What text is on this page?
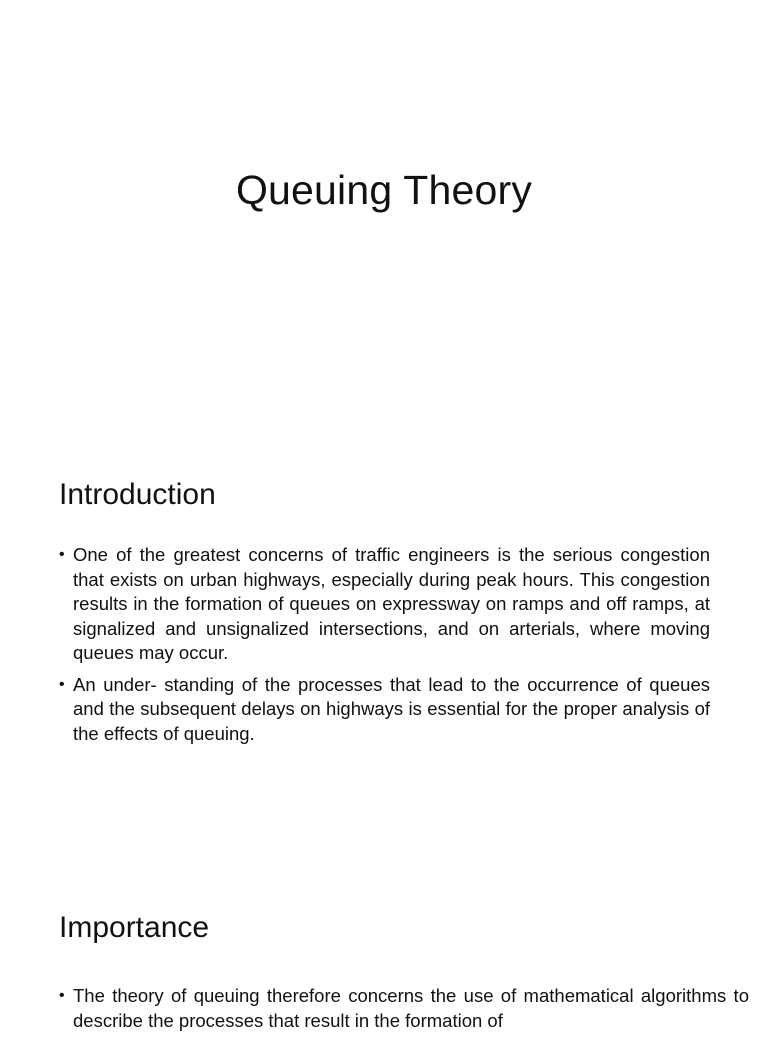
Queuing Theory
Introduction
• One of the greatest concerns of traffic engineers is the serious congestion that exists on urban highways, especially during peak hours. This congestion results in the formation of queues on expressway on ramps and off ramps, at signalized and unsignalized intersections, and on arterials, where moving queues may occur.
• An under- standing of the processes that lead to the occurrence of queues and the subsequent delays on highways is essential for the proper analysis of the effects of queuing.
Importance
• The theory of queuing therefore concerns the use of mathematical algorithms to describe the processes that result in the formation of
